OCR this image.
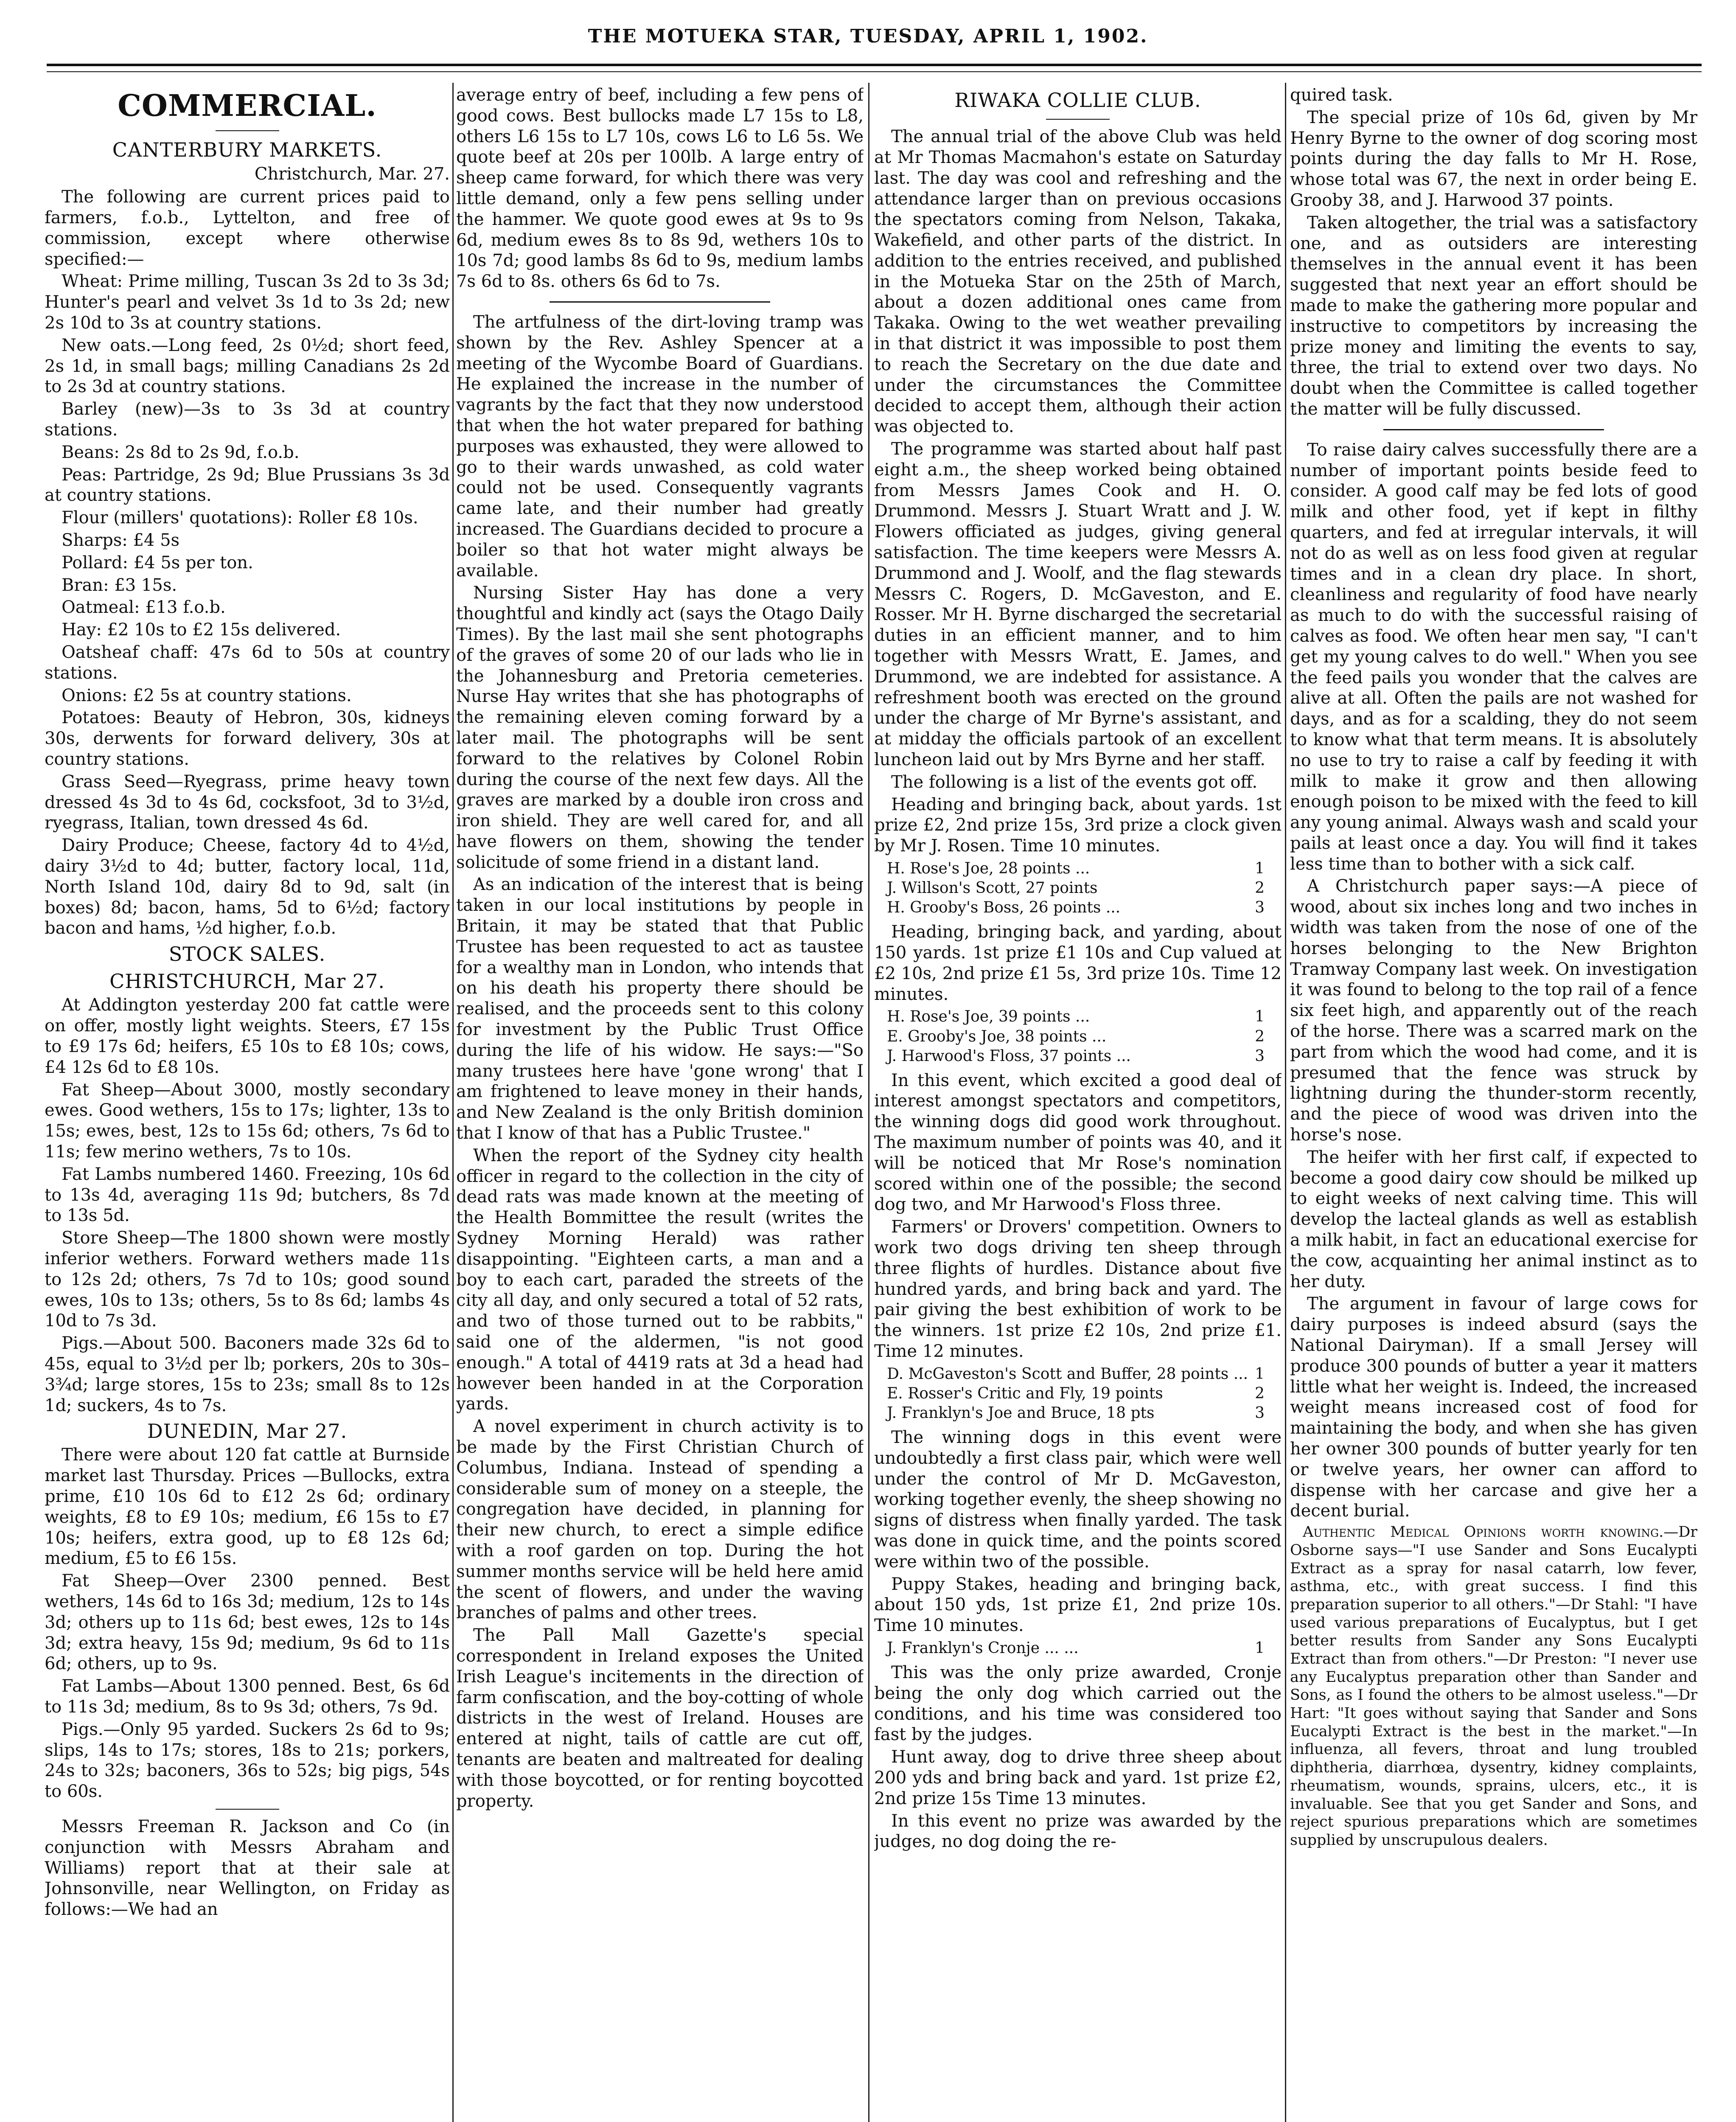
THE MOTUEKA STAR, TUESDAY, APRIL 1, 1902.
COMMERCIAL.
CANTERBURY MARKETS.
Christchurch, Mar. 27.

The following are current prices paid to farmers, f.o.b., Lyttelton, and free of commission, except where otherwise specified:—

Wheat: Prime milling, Tuscan 3s 2d to 3s 3d; Hunter's pearl and velvet 3s 1d to 3s 2d; new 2s 10d to 3s at country stations.

New oats.—Long feed, 2s 0½d; short feed, 2s 1d, in small bags; milling Canadians 2s 2d to 2s 3d at country stations.

Barley (new)—3s to 3s 3d at country stations.

Beans: 2s 8d to 2s 9d, f.o.b.

Peas: Partridge, 2s 9d; Blue Prussians 3s 3d at country stations.

Flour (millers' quotations): Roller £8 10s.

Sharps: £4 5s

Pollard: £4 5s per ton.

Bran: £3 15s.

Oatmeal: £13 f.o.b.

Hay: £2 10s to £2 15s delivered.

Oatsheaf chaff: 47s 6d to 50s at country stations.

Onions: £2 5s at country stations.

Potatoes: Beauty of Hebron, 30s, kidneys 30s, derwents for forward delivery, 30s at country stations.

Grass Seed—Ryegrass, prime heavy town dressed 4s 3d to 4s 6d, cocksfoot, 3d to 3½d, ryegrass, Italian, town dressed 4s 6d.

Dairy Produce; Cheese, factory 4d to 4½d, dairy 3½d to 4d; butter, factory local, 11d, North Island 10d, dairy 8d to 9d, salt (in boxes) 8d; bacon, hams, 5d to 6½d; factory bacon and hams, ½d higher, f.o.b.

STOCK SALES.
CHRISTCHURCH, Mar 27.

At Addington yesterday 200 fat cattle were on offer, mostly light weights. Steers, £7 15s to £9 17s 6d; heifers, £5 10s to £8 10s; cows, £4 12s 6d to £8 10s.

Fat Sheep—About 3000, mostly secondary ewes. Good wethers, 15s to 17s; lighter, 13s to 15s; ewes, best, 12s to 15s 6d; others, 7s 6d to 11s; few merino wethers, 7s to 10s.

Fat Lambs numbered 1460. Freezing, 10s 6d to 13s 4d, averaging 11s 9d; butchers, 8s 7d to 13s 5d.

Store Sheep—The 1800 shown were mostly inferior wethers. Forward wethers made 11s to 12s 2d; others, 7s 7d to 10s; good sound ewes, 10s to 13s; others, 5s to 8s 6d; lambs 4s 10d to 7s 3d.

Pigs.—About 500. Baconers made 32s 6d to 45s, equal to 3½d per lb; porkers, 20s to 30s–3¾d; large stores, 15s to 23s; small 8s to 12s 1d; suckers, 4s to 7s.

DUNEDIN, Mar 27.

There were about 120 fat cattle at Burnside market last Thursday. Prices —Bullocks, extra prime, £10 10s 6d to £12 2s 6d; ordinary weights, £8 to £9 10s; medium, £6 15s to £7 10s; heifers, extra good, up to £8 12s 6d; medium, £5 to £6 15s.

Fat Sheep—Over 2300 penned. Best wethers, 14s 6d to 16s 3d; medium, 12s to 14s 3d; others up to 11s 6d; best ewes, 12s to 14s 3d; extra heavy, 15s 9d; medium, 9s 6d to 11s 6d; others, up to 9s.

Fat Lambs—About 1300 penned. Best, 6s 6d to 11s 3d; medium, 8s to 9s 3d; others, 7s 9d.

Pigs.—Only 95 yarded. Suckers 2s 6d to 9s; slips, 14s to 17s; stores, 18s to 21s; porkers, 24s to 32s; baconers, 36s to 52s; big pigs, 54s to 60s.

Messrs Freeman R. Jackson and Co (in conjunction with Messrs Abraham and Williams) report that at their sale at Johnsonville, near Wellington, on Friday as follows:—We had an

average entry of beef, including a few pens of good cows. Best bullocks made L7 15s to L8, others L6 15s to L7 10s, cows L6 to L6 5s. We quote beef at 20s per 100lb. A large entry of sheep came forward, for which there was very little demand, only a few pens selling under the hammer. We quote good ewes at 9s to 9s 6d, medium ewes 8s to 8s 9d, wethers 10s to 10s 7d; good lambs 8s 6d to 9s, medium lambs 7s 6d to 8s. others 6s 6d to 7s.

The artfulness of the dirt-loving tramp was shown by the Rev. Ashley Spencer at a meeting of the Wycombe Board of Guardians. He explained the increase in the number of vagrants by the fact that they now understood that when the hot water prepared for bathing purposes was exhausted, they were allowed to go to their wards unwashed, as cold water could not be used. Consequently vagrants came late, and their number had greatly increased. The Guardians decided to procure a boiler so that hot water might always be available.

Nursing Sister Hay has done a very thoughtful and kindly act (says the Otago Daily Times). By the last mail she sent photographs of the graves of some 20 of our lads who lie in the Johannesburg and Pretoria cemeteries. Nurse Hay writes that she has photographs of the remaining eleven coming forward by a later mail. The photographs will be sent forward to the relatives by Colonel Robin during the course of the next few days. All the graves are marked by a double iron cross and iron shield. They are well cared for, and all have flowers on them, showing the tender solicitude of some friend in a distant land.

As an indication of the interest that is being taken in our local institutions by people in Britain, it may be stated that that Public Trustee has been requested to act as taustee for a wealthy man in London, who intends that on his death his property there should be realised, and the proceeds sent to this colony for investment by the Public Trust Office during the life of his widow. He says:—"So many trustees here have 'gone wrong' that I am frightened to leave money in their hands, and New Zealand is the only British dominion that I know of that has a Public Trustee."

When the report of the Sydney city health officer in regard to the collection in the city of dead rats was made known at the meeting of the Health Bommittee the result (writes the Sydney Morning Herald) was rather disappointing. "Eighteen carts, a man and a boy to each cart, paraded the streets of the city all day, and only secured a total of 52 rats, and two of those turned out to be rabbits," said one of the aldermen, "is not good enough." A total of 4419 rats at 3d a head had however been handed in at the Corporation yards.

A novel experiment in church activity is to be made by the First Christian Church of Columbus, Indiana. Instead of spending a considerable sum of money on a steeple, the congregation have decided, in planning for their new church, to erect a simple edifice with a roof garden on top. During the hot summer months service will be held here amid the scent of flowers, and under the waving branches of palms and other trees.

The Pall Mall Gazette's special correspondent in Ireland exposes the United Irish League's incitements in the direction of farm confiscation, and the boy-cotting of whole districts in the west of Ireland. Houses are entered at night, tails of cattle are cut off, tenants are beaten and maltreated for dealing with those boycotted, or for renting boycotted property.

RIWAKA COLLIE CLUB.

The annual trial of the above Club was held at Mr Thomas Macmahon's estate on Saturday last. The day was cool and refreshing and the attendance larger than on previous occasions the spectators coming from Nelson, Takaka, Wakefield, and other parts of the district. In addition to the entries received, and published in the Motueka Star on the 25th of March, about a dozen additional ones came from Takaka. Owing to the wet weather prevailing in that district it was impossible to post them to reach the Secretary on the due date and under the circumstances the Committee decided to accept them, although their action was objected to.

The programme was started about half past eight a.m., the sheep worked being obtained from Messrs James Cook and H. O. Drummond. Messrs J. Stuart Wratt and J. W. Flowers officiated as judges, giving general satisfaction. The time keepers were Messrs A. Drummond and J. Woolf, and the flag stewards Messrs C. Rogers, D. McGaveston, and E. Rosser. Mr H. Byrne discharged the secretarial duties in an efficient manner, and to him together with Messrs Wratt, E. James, and Drummond, we are indebted for assistance. A refreshment booth was erected on the ground under the charge of Mr Byrne's assistant, and at midday the officials partook of an excellent luncheon laid out by Mrs Byrne and her staff.

The following is a list of the events got off.

Heading and bringing back, about yards. 1st prize £2, 2nd prize 15s, 3rd prize a clock given by Mr J. Rosen. Time 10 minutes.

H. Rose's Joe, 28 points ...	1
J. Willson's Scott, 27 points	2
H. Grooby's Boss, 26 points ...	3

Heading, bringing back, and yarding, about 150 yards. 1st prize £1 10s and Cup valued at £2 10s, 2nd prize £1 5s, 3rd prize 10s. Time 12 minutes.

H. Rose's Joe, 39 points ...	1
E. Grooby's Joe, 38 points ...	2
J. Harwood's Floss, 37 points ...	3

In this event, which excited a good deal of interest amongst spectators and competitors, the winning dogs did good work throughout. The maximum number of points was 40, and it will be noticed that Mr Rose's nomination scored within one of the possible; the second dog two, and Mr Harwood's Floss three.

Farmers' or Drovers' competition. Owners to work two dogs driving ten sheep through three flights of hurdles. Distance about five hundred yards, and bring back and yard. The pair giving the best exhibition of work to be the winners. 1st prize £2 10s, 2nd prize £1. Time 12 minutes.

D. McGaveston's Scott and Buffer, 28 points ... 1
E. Rosser's Critic and Fly, 19 points	2
J. Franklyn's Joe and Bruce, 18 pts	3

The winning dogs in this event were undoubtedly a first class pair, which were well under the control of Mr D. McGaveston, working together evenly, the sheep showing no signs of distress when finally yarded. The task was done in quick time, and the points scored were within two of the possible.

Puppy Stakes, heading and bringing back, about 150 yds, 1st prize £1, 2nd prize 10s. Time 10 minutes.

J. Franklyn's Cronje ... ...	1

This was the only prize awarded, Cronje being the only dog which carried out the conditions, and his time was considered too fast by the judges.

Hunt away, dog to drive three sheep about 200 yds and bring back and yard. 1st prize £2, 2nd prize 15s Time 13 minutes.

In this event no prize was awarded by the judges, no dog doing the re-

quired task.

The special prize of 10s 6d, given by Mr Henry Byrne to the owner of dog scoring most points during the day falls to Mr H. Rose, whose total was 67, the next in order being E. Grooby 38, and J. Harwood 37 points.

Taken altogether, the trial was a satisfactory one, and as outsiders are interesting themselves in the annual event it has been suggested that next year an effort should be made to make the gathering more popular and instructive to competitors by increasing the prize money and limiting the events to say, three, the trial to extend over two days. No doubt when the Committee is called together the matter will be fully discussed.

To raise dairy calves successfully there are a number of important points beside feed to consider. A good calf may be fed lots of good milk and other food, yet if kept in filthy quarters, and fed at irregular intervals, it will not do as well as on less food given at regular times and in a clean dry place. In short, cleanliness and regularity of food have nearly as much to do with the successful raising of calves as food. We often hear men say, "I can't get my young calves to do well." When you see the feed pails you wonder that the calves are alive at all. Often the pails are not washed for days, and as for a scalding, they do not seem to know what that term means. It is absolutely no use to try to raise a calf by feeding it with milk to make it grow and then allowing enough poison to be mixed with the feed to kill any young animal. Always wash and scald your pails at least once a day. You will find it takes less time than to bother with a sick calf.

A Christchurch paper says:—A piece of wood, about six inches long and two inches in width was taken from the nose of one of the horses belonging to the New Brighton Tramway Company last week. On investigation it was found to belong to the top rail of a fence six feet high, and apparently out of the reach of the horse. There was a scarred mark on the part from which the wood had come, and it is presumed that the fence was struck by lightning during the thunder-storm recently, and the piece of wood was driven into the horse's nose.

The heifer with her first calf, if expected to become a good dairy cow should be milked up to eight weeks of next calving time. This will develop the lacteal glands as well as establish a milk habit, in fact an educational exercise for the cow, acquainting her animal instinct as to her duty.

The argument in favour of large cows for dairy purposes is indeed absurd (says the National Dairyman). If a small Jersey will produce 300 pounds of butter a year it matters little what her weight is. Indeed, the increased weight means increased cost of food for maintaining the body, and when she has given her owner 300 pounds of butter yearly for ten or twelve years, her owner can afford to dispense with her carcase and give her a decent burial.

Authentic Medical Opinions worth knowing.—Dr Osborne says—"I use Sander and Sons Eucalypti Extract as a spray for nasal catarrh, low fever, asthma, etc., with great success. I find this preparation superior to all others."—Dr Stahl: "I have used various preparations of Eucalyptus, but I get better results from Sander any Sons Eucalypti Extract than from others."—Dr Preston: "I never use any Eucalyptus preparation other than Sander and Sons, as I found the others to be almost useless."—Dr Hart: "It goes without saying that Sander and Sons Eucalypti Extract is the best in the market."—In influenza, all fevers, throat and lung troubled diphtheria, diarrhœa, dysentry, kidney complaints, rheumatism, wounds, sprains, ulcers, etc., it is invaluable. See that you get Sander and Sons, and reject spurious preparations which are sometimes supplied by unscrupulous dealers.
